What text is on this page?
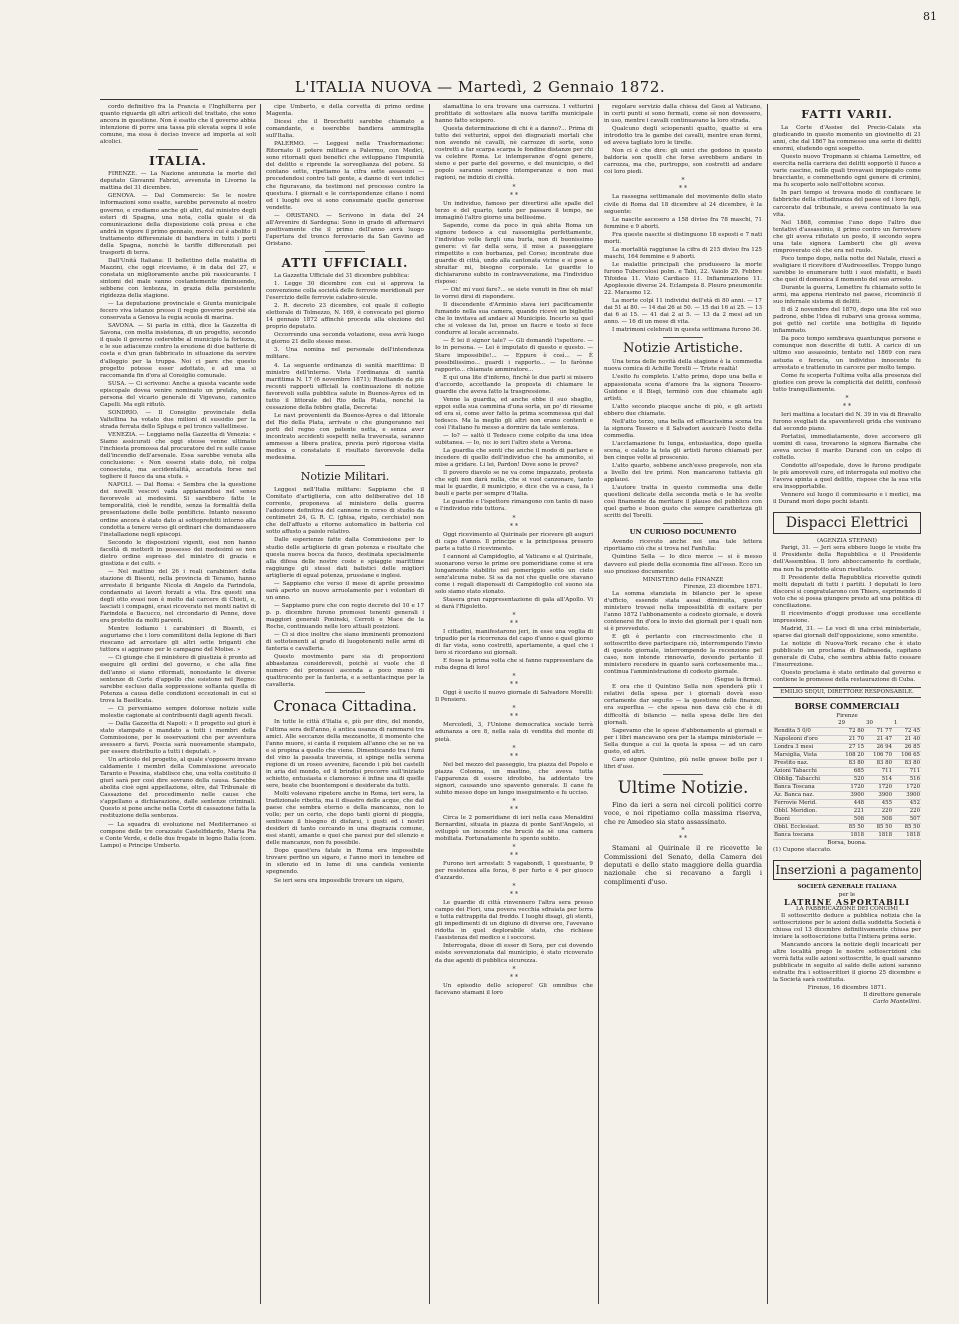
81
L'ITALIA NUOVA — Martedì, 2 Gennaio 1872.

cordo definitivo fra la Francia e l'Inghilterra per quanto riguarda gli altri articoli del trattato, che sono ancora in questione. Non è esatto che il governo abbia intenzione di porre una tassa più elevata sopra il sole comune, ma essa è deciso invece ad imporla ai soli alcolici.

ITALIA.

FIRENZE. — La Nazione annunzia la morte del deputato Giovanni Fabrizi, avvenuta in Livorno la mattina del 31 dicembre.

GENOVA. — Dal Commercio: Se le nostre informazioni sono esatte, sarebbe pervenuto al nostro governo, e crediamo anche gli altri, dal ministro degli esteri di Spagna, una nota, colla quale si dà comunicazione della disposizione colà presa e che andrà in vigore il primo gennaio, mercè cui è abolito il trattamento differenziale di bandiera in tutti i porti della Spagna, nonchè le tariffe differenziali pei trasporti di terra.

Dall'Unità Italiana: Il bollettino della malattia di Mazzini, che oggi riceviamo, è in data del 27, e constata un miglioramento anche più rassicurante. I sintomi del male vanno costantemente diminuendo, sebbene con lentezza, in grazia della persistente rigidezza della stagione.

— La deputazione provinciale e Giunta municipale fecero viva istanze presso il regio governo perchè sia conservata a Genova la regia scuola di marina.

SAVONA. — Si parla in città, dice la Gazzetta di Savona, con molta insistenza, di un progetto, secondo il quale il governo cederebbe al municipio la fortezza, e le sue adiacenze contro la erezione di due batterie di costa e d'un gran fabbricato in situazione da servire d'alloggio per la truppa. Noi ci pare che questo progetto potesse esser adottato, e ad una si raccomanda fin d'ora al Consiglio comunale.

SUSA. — Ci scrivono: Anche a questa vacante sede episcopale dovea venire nominato un prelato, nella persona del vicario generale di Vigevano, canonico Capelli. Ma egli rifiutò.

SONDRIO. — Il Consiglio provinciale della Valtellina ha votato due milioni di sussidio per la strada ferrata dello Spluga e pel tronco valtellinese.

VENEZIA. — Leggiamo nella Gazzetta di Venezia: « Siamo assicurati che oggi stesse venne ultimato l'inchiesta promossa dal procuratore del re sulle cause dell'incendio dell'arsenale. Essa sarebbe venuta alla conclusione: « Non essersi stato dolo, nè colpa conosciuta, ma accidentalità, accaduta forse nel togliere il fuoco da una stufa. »

NAPOLI. — Dal Roma: « Sembra che la questione dei novelli vescovi vada appianandosi nel senso favorevole ai medesimi. Si sarebbero fatte le temporalità, cioè le rendite, senza la formalità della presentazione delle bolle pontificie. Intanto nessuno ordine ancora è stato dato ai sottoprefetti intorno alla condotta a tenere verso gli ordinari che domandassero l'installazione negli episcopi.

Secondo le disposizioni vigenti, essi non hanno facoltà di metterli in possesso dei medesimi se non dietro ordine espresso del ministro di grazia e giustizia e dei culti. »

— Nel mattino del 26 i reali carabinieri della stazione di Bisenti, nella provincia di Teramo, hanno arrestato il brigante Nicola di Angelo da Farindola, condannato ai lavori forzati a vita. Era questi una degli otto evasi non è molto dal carcere di Chieti, e, lasciati i compagni, erasi ricoverato nei monti nativi di Farindola e Bacucco, nel circondario di Penne, dove era protetto da molti parenti.

Mentre lodiamo i carabinieri di Bisenti, ci auguriamo che i loro commilitoni della legione di Bari riescano ad arrestare gli altri sette briganti che tuttora si aggirano per le campagne del Molise. »

— Ci giunge che il ministero di giustizia è pronto ad eseguire gli ordini del governo, e che alla fine dell'anno si siano riformati, nonostante le diverse sentenze di Corte d'appello che esistono nel Regno: sarebbe escluso dalla soppressione soltanta quella di Potenza a causa delle condizioni eccezionali in cui si trova la Basilicata.

— Ci perveniamo sempre dolorose notizie sulle molestie cagionate ai contribuenti dagli agenti fiscali.

— Dalla Gazzetta di Napoli: « Il progetto sul giurì è stato stampato e mandato a tutti i membri della Commissione, per le osservazioni che per avventura avessero a farvi. Poscia sarà nuovamente stampato, per essere distribuito a tutti i deputati. »

Un articolo del progetto, al quale s'opposero invano caldamente i membri della Commissione avvocato Taranto e Pessina, stabilisce che, una volta costituito il giurì sarà per così dire sovrano della causa. Sarebbe abolita cioè ogni appellazione, oltre, dal Tribunale di Cassazione del procedimento nelle cause che s'appellano a dichiarazione, dalle sentenze criminali. Questo si pone anche nella Corte di cassazione fatta la restituzione della sentenza.

— La squadra di evoluzione nel Mediterraneo si compone delle tre corazzate Castelfidardo, Maria Pia e Conte Verde, e delle due fregate in legno Italia (com. Lampo) e Principe Umberto.

cipe Umberto, e della corvetta di primo ordine Magenta.

Dicesi che il Brocchetti sarebbe chiamato a comandante, e isserebbe bandiera ammiraglia sull'Italia.

PALERMO. — Leggesi nella Trasformazione: Ritornato il potere militare a Palermo, con Medici, sono ritornati quei benefici che sviluppano l'impunità del delitto e riprende la sorveglianza del potere. Si contano sette, ripetiamo la cifra sette assassini — precedendosi contro tali gente, a danno di veri infelici che figuravano, da testimoni nel processo contro la questura. I giornali e le corrispondenze citano i nomi ed i luoghi ove si sono consumate quelle generose vendette.

— ORISTANO. — Scrivono in data del 24 all'Avvenire di Sardegna: Sono in grado di affermarvi positivamente che il primo dell'anno avrà luogo l'apertura del tronco ferroviario da San Gavino ad Oristano.

ATTI UFFICIALI.

La Gazzetta Ufficiale del 31 dicembre pubblica:

1. Legge 30 dicembre con cui si approva la convenzione colla società delle ferrovie meridionali per l'esercizio delle ferrovie calabro-sicule.

2. R. decreto 23 dicembre, col quale il collegio elettorale di Tolmezzo, N. 169, è convocato pel giorno 14 gennaio 1872 affinchè proceda alla elezione del proprio deputato.

Occorrendo una seconda votazione, essa avrà luogo il giorno 21 dello stesso mese.

3. Una nomina nel personale dell'intendenza militare.

4. La seguente ordinanza di sanità marittima: Il ministro dell'interno. Vista l'ordinanza di sanità marittima N. 17 (6 novembre 1871); Risultando da più recenti rapporti ufficiali la continuazione di notizie favorevoli sulla pubblica salute in Buenos-Ayres ed in tutto il littorale del Rio della Plata, nonché la cessazione della febbre gialla, Decreta:

Le navi provenienti da Buenos-Ayres e dal littorale del Rio della Plata, arrivate o che giungeranno nei porti del regno con patente netta, e senza aver incontrato accidenti sospetti nella traversata, saranno ammesse a libera pratica, previa però rigorosa visita medica e constatato il risultato favorevole della medesima.

Notizie Militari.

Leggesi nell'Italia militare: Sappiamo che il Comitato d'artiglieria, con atto deliberativo del 18 corrente, proponeva al ministero della guerra l'adozione definitiva del cannone in corso di studio da centimetri 24, G. R. C. (ghisa, rigato, cerchiato) non che dell'affusto a ritorno automatico in batteria col sotto affusto a paiolo relativo.

Dalle esperienze fatte dalla Commissione per lo studio delle artiglierie di gran potenza e risultate che questa nuova bocca da fuoco, destinata specialmente alla difesa delle nostre coste e spiaggie marittime raggiunge gli stessi dati balistici delle migliori artiglierie di egual potenza, prussiane e inglesi.

— Sappiamo che verso il mese di aprile prossimo sarà aperto un nuovo arruolamento per i volontari di un anno.

— Sappiamo pure che con regio decreto del 10 e 17 p. p. dicembre furono promossi tenenti generali i maggiori generali Poninski, Cerroti e Mace de la Roche, continuando nelle loro attuali posizioni.

— Ci si dice inoltre che siano imminenti promozioni di sottotenenti al grado di luogotenenti nelle armi di fanteria e cavalleria.

Questo movimento pare sia di proporzioni abbastanza considerevoli, poichè si vuole che il numero dei promossi ascenda a poco meno di quattrocento per la fanteria, e a settantacinque per la cavalleria.

Cronaca Cittadina.

In tutte le città d'Italia e, più per dire, del mondo, l'ultima sera dell'anno, è antica usanza di rammarsi tra amici. Alle seccanze della mezzanotte, il momento che l'anno muore, si canta il requiem all'anno che se ne va e si propina a quello che viene. Dimenticando tra i fumi del vino la passata traversia, si spinge nella serena regione di un roseo avvenire, facendo i più bei castelli in aria del mondo, ed il brindisi precorre sull'iniziato schietto, entusiasta e clamoroso: è infine una di quelle sere, beate che buontemponi e desiderate da tutti.

Molti volevano ripetere anche in Roma, ieri sera, la tradizionale ribotta, ma il disastro delle acque, che dal paese che sembra eterno e della mancanza, non lo volle; per un certo, che dopo tanti giorni di pioggia, sentivano il bisogno di disfarsi, i gusti ed i nostri desideri di tanto cercando in una disgrazia comune, essi stanti, amante e quei che paresi pur del silenzio e delle mancanze, non fu possibile.

Dopo quest'era fatale in Roma era impossibile trovare perfino un sigaro, e l'anno morì in tenebre ed in silenzio ed in lume di una candela veniente spegnendo.

Se ieri sera era impossibile trovare un sigaro,

slamattina lo era trovare una carrozza. I vetturini profittato di sottostare alla nuova tariffa municipale hanno fatto sciopero.

Questa determinazione di chi è a danno?... Prima di tutto dei vetturini, eppoi dei disgraziati mortali che non avendo nè cavalli, nè carrozze di sorte, sono costretti a far scarpa scarpa le fondine distanze per chi va celebre Roma. Le intemperanze d'ogni genere, sieno e per parte del governo, e del municipio, o del popolo saranno sempre intemperanze e non mai ragioni, ne indizio di civiltà.

*
* *

Un individuo, famoso per divertirsi alle spalle del terzo e del quarto, tanto per passare il tempo, ne immaginò l'altro giorno una bellissime.

Sapendo, come da poco in quà abita Roma un signore tedesco a cui rassomiglia perfettamente, l'individuo volle fargli una burla, non di buonissimo genere: vi far della sera, il mise a passeggiare rimpettito e con burbanza, pel Corso; incontrate due guardie di città, undo alla cantonata vicine e si pose a sbraitar mi, bisogno corporale. Le guardie lo dichiararono subito in contravvenzione, ma l'individuo rispose:

— Oh! mi vuoi fare?... se siete venuti in fine oh mia! lo vorrei dirsi di rispondere.

Il discendente d'Arminio stava ieri pacificamente fumando nella sua camera, quando ricevè un biglietto che lo invitava ad andare al Municipio. Incerto su quel che si volesse da lui, prese un fiacre e tosto si fece condurre al locale accennato.

— È lei il signor tale? — Gli domandò l'ispettore. — Io in persona. — Lei è imputato di questo e questo. — Stare impossibile!... — Eppure è così... — È possibilissimo... guardi i rapporto... — Io farònne rapporto... chiamate ammiratore...

E qui una lite d'inferno, finchè le due parti si misero d'accordo, accettando la proposta di chiamare le guardie che aveva fatto la trasgressione.

Venne la guardia, ed anche ebbe il suo sbaglio, eppoi sulla sua cammina d'una sorta, un po' di riesame ed era sì, come aver fatto la prima scommessa qui dal tedesco. Ma la meglio gli altri non erano contenti e così l'italiano fu messo a dormire da tale sentenza.

— Io? — saltò il Tedesco come colpito da una idea subitanea. — Io, no: io ieri l'altro stete a Verona.

La guardia che senti che anche il modo di parlare e incedere di quello dell'individuo che ha ammonito, si mise a gridare. Li lei, Pardon! Dove sono le prove?

Il povero diavolo se ne va come impazzato, protesta che egli non darà nulla, che si vuol canzonare, tanto mai le guardie, il municipio, e dice che va a casa, fa i bauli e parte per sempre d'Italia.

Le guardie e l'ispettore rimangono con tanto di naso e l'individuo ride tuttora.

*
* *

Oggi ricevimento al Quirinale per ricevere gli auguri di capo d'anno. Il principe e la principessa presero parte a tutto il ricevimento.

I cannoni al Campidoglio, al Vaticano e al Quirinale, suonarono verso le prime ore pomeridiane come si era lungamente stabilito nel pomeriggio sotto un cielo senz'alcuna nube. Si sa da noi che quelle ore stavano come i regali dispensati di Campidoglio col suono sia solo siamo stato stonato.

Stasera gran rappresentazione di gala all'Apollo. Vi si darà l'Rigoletto.

*
* *

I cittadini, manifestarono jeri, in esse una voglia di tripudio per la ricorrenza del capo d'anno e quel giorno di far vista, sono costretti, apertamente, a quel che i loro si ricordano sui giornali.

E fosse la prima volta che si fanno rappresentare da ruba degna di loro!

*
* *

Oggi è uscito il nuovo giornale di Salvadore Morelli: Il Pensiero.

*
* *

Mercoledì, 3, l'Unione democratica sociale terrà adunanza a ore 8, nella sala di vendita del monte di pietà.

*
* *

Nel bel mezzo del passeggio, tra piazza del Popolo e piazza Colonna, un mastino, che aveva tutta l'apparenza di essere idrofobo, ha addentato tre signori, causando uno spavento generale. Il cane fu subito messo dopo un lungo inseguimento e fu ucciso.

*
* *

Circa le 2 pomeridiane di ieri nella casa Menaldini Bernardini, situata in piazza di ponte Sant'Angelo, si sviluppò un incendio che bruciò da sè una camera mobiliata. Fortunatamente fu spento subito.

*
* *

Furono ieri arrestati: 5 vagabondi, 1 questuante, 9 per resistenza alla forza, 6 per furto e 4 per giuoco d'azzardo.

*
* *

Le guardie di città rinvennero l'altra sera presso campo dei Fiori, una povera vecchia sdraiata per terra e tutta rattrappita dal freddo. I luoghi disagi, gli stenti, gli impedimenti di un digiuno di diverse ore, l'avevano ridotta in quel deplorabile stato, che richiese l'assistenza del medico e i soccorsi.

Interrogata, disse di esser di Sora, per cui dovendo esiste sovvenzionata dal municipio, è stato ricoverato da due agenti di pubblica sicurezza.

*
* *

Un episodio dello sciopero! Gli omnibus che facevano stamani il loro

regolare servizio dalla chiesa del Gesù al Vaticano, in certi punti si sono fermati, come sè non dovessero, in uso, mentre i cavalli continuavano la loro strada.

Qualcuno degli scioperanti quatto, quatto si era introdotto tra le gambe dei cavalli, mentre eran fermi, ed aveva tagliato loro le tirelle.

Non ci è che dire: gli unici che godono in questo baldoria son quelli che forse avrebbero andare in carrozza, ma che, purtroppo, son costretti ad andare coi loro piedi.

*
* *

La rassegna settimanale del movimento dello stato civile di Roma dal 18 dicembre al 24 dicembre, è la seguente:

Le nascite ascesero a 158 diviso fra 78 maschi, 71 femmine e 9 aborti.

Fra queste nascite si distinguono 18 esposti e 7 nati morti.

La mortalità raggiunse la cifra di 215 diviso fra 125 maschi, 164 femmine e 9 aborti.

Le malattie principali che produssero la morte furono Tubercolosi polm. e Tabi, 22. Vaiolo 29. Febbre Tifoidea 11. Vizio Cardiaco 11. Infiammazione 11. Apoplessie diverse 24. Eclampsia 8. Pleuro pneumonite 22. Marasmo 12.

La morte colpì 11 individui dell'età di 80 anni. — 17 dai 51 ai 80. — 14 dai 26 ai 50. — 15 dai 16 ai 25. — 13 dai 6 ai 15. — 41 dai 2 ai 5. — 13 da 2 mesi ad un anno. — 16 di un mese di vita.

I matrimoni celebrati in questa settimana furono 36.

Notizie Artistiche.

Una terza delle novità della stagione è la commedia nuova comica di Achille Torelli — Triste realtà!

L'esito fu completo. L'atto primo, dopo una bella e appassionata scena d'amore fra la signora Tessero-Guidone e il Bisgi, terminò con due chiamate agli artisti.

L'atto secondo piacque anche di più, e gli artisti ebbero due chiamate.

Nell'atto terzo, una bella ed efficacissima scena tra la signora Tessero e il Salvadori assicurò l'esito della commedia.

L'acclamazione fu lunga, entusiastica, dopo quella scena, e calato la tela gli artisti furono chiamati per ben cinque volte al proscenio.

L'atto quarto, sebbene anch'esso pregevole, non sta a livello dei tre primi. Non mancarono tuttavia gli applausi.

L'autore tratta in questo commedia una delle questioni delicate della seconda metà e le ha svolte così finamente da meritare il plauso del pubblico con quel garbo e buon gusto che sempre caratterizza gli scritti del Torelli.

UN CURIOSO DOCUMENTO

Avendo ricevuto anche noi una tale lettera riportiamo ciò che si trova nel Fanfulla:

Quintino Sella — Io dico merce — si è messo davvero sul piede della economia fine all'osso. Ecco un suo prezioso documento:

MINISTERO delle FINANZE
Firenze, 23 dicembre 1871.

La somma stanziata in bilancio per le spese d'ufficio, essendo stata assai diminuita, questo ministero trovasi nella impossibilità di esitare per l'anno 1872 l'abbonamento a codesto giornale, e dovrà contenersi fin d'ora lo invio dei giornali per i quali non si è provveduto.

E gli è pertanto con rincrescimento che il sottoscritto deve partecipare ciò, interrompendo l'invio di questo giornale, interrompendo la recenzione pel caso, non intende rinnovarlo, dovendo pertanto il ministero recedere in quanto sarà cortesemente ma... continua l'amministrazione di codesto giornale.

(Segue la firma).

E ora che il Quintino Sella non spenderà più i relativi della spesa per i giornali dovrà esso certamente dar seguito — la questione delle finanze, era superflua — che spesa non dava ciò che è di difficoltà di bilancio — nella spesa delle lire dei giornali.

Sapevamo che le spese d'abbonamento ai giornali e per i libri mancavano ora per la stampa ministeriale — Sella dunque a cui la quota la spesa — ad un caro gusto, ed altri.

Caro signor Quintino, più nelle grasse bolle per i libri d'uso.

Ultime Notizie.

Fino da ieri a sera nei circoli politici corre voce, e noi ripetiamo colla massima riserva, che re Amedeo sia stato assassinato.

*
* *

Stamani al Quirinale il re ricevette le Commissioni del Senato, della Camera dei deputati e dello stato maggiore della guardia nazionale che si recavano a fargli i complimenti d'uso.

FATTI VARII.

La Corte d'Assise del Precio-Calais sta giudicando in questo momento un giovinetto di 21 anni, che dal 1867 ha commesso una serie di delitti enormi, eludendo ogni sospetto.

Questo nuovo Tropmann si chiama Lemettre, ed esercita nella carriera dei delitti sopportò il fuoco a varie cascine, nelle quali trovavasi impiegato come bracciante, e commettendo ogni genere di crimini, ma fu scoperto solo nell'ottobre scorso.

In pari tempo si trovava modo di confiscare le fabbriche della cittadinanza del paese ed i loro figli, carcerato dal tribunale, e aveva continuato la sua vita.

Nel 1868, commise l'uno dopo l'altro due tentativi d'assassinio, il primo contro un ferroviere che gli aveva rifiutato un posto, il secondo sopra una tale signora Lamberti che gli aveva rimproverato ciò che era nel ruolo.

Poco tempo dopo, nella notte del Natale, riuscì a svaligiare il ricevitore d'Audresselles. Troppo lungo sarebbe lo enumerare tutti i suoi misfatti, e basti che quei di domenica il momento del suo arresto.

Durante la guerra, Lemettre fu chiamato sotto le armi, ma appena rientrato nel paese, ricominciò il suo infernale sistema di delitti.

Il dì 2 novembre del 1870, dopo una lite col suo padrone, ebbe l'idea di rubarvi una grossa somma, poi gettò nel cortile una bottiglia di liquido infiammato.

Da poco tempo sembrava quantunque persone e comunque non descritte di tutti. A carico di un ultimo suo assassinio, tentato nel 1869 con rara astuzia e ferocia, un individuo innocente fu arrestato e trattenuto in carcere per molto tempo.

Come fu scoperta l'ultima volta alla presenza del giudice con prove la complicità dei delitti, confessò tutto tranquillamente.

*
* *

Ieri mattina a locatari del N. 39 in via di Bravallo furono svegliati da spaventevoli grida che venivano dal secondo piano.

Portatisi, immediatamente, dove accorsero gli uomini di casa, trovarono la signora Barnaba che aveva ucciso il marito Durand con un colpo di coltello.

Condotto all'ospedale, dove le furono prodigate le più amorevoli cure, ed interrogata sul motivo che l'aveva spinta a quel delitto, rispose che la sua vita era insopportabile.

Vennero sul luogo il commissario e i medici, ma il Durand morì dopo pochi istanti.

Dispacci Elettrici
(AGENZIA STEFANI)

Parigi, 31. — Jeri sera ebbero luogo le visite fra il Presidente della Repubblica e il Presidente dell'Assemblea. Il loro abboccamento fu cordiale, ma non ha prodotto alcun risultato.

Il Presidente della Repubblica ricevette quindi molti deputati di tutti i partiti. I deputati lo loro discorsi si congratularono con Thiers, esprimendo il voto che si possa giungere presto ad una politica di conciliazione.

Il ricevimento d'oggi produsse una eccellente impressione.

Madrid, 31. — Le voci di una crisi ministeriale, sparse dai giornali dell'opposizione, sono smentite.

Le notizie di Nuova-York recano che è stato pubblicato un proclama di Balmaseda, capitano generale di Cuba, che sembra abbia fatto cessare l'insurrezione.

Questo proclama è stato ordinato dal governo e contiene le promesse della restaurazione di Cuba.

EMILIO SEQUI, DIRETTORE RESPONSABILE.
BORSE COMMERCIALI
Firenze
	29	30	1
Rendita 5 0/0	72 80	71 77	72 45
Napoleoni d'oro	21 70	21 47	21 40
Londra 3 mesi	27 15	26 94	26 85
Marsiglia, Vista	108 20	106 70	106 65
Prestito naz.	83 80	83 80	83 80
Azioni Tabacchi	685	711	711
Obblig. Tabacchi	520	514	516
Banca Toscana	1720	1720	1720
Az. Banca naz.	3900	3900	3900
Ferrovie Merid.	448	455	452
Obbl. Meridion.	221	220	220
Buoni	508	508	507
Obbl. Ecclesiast.	85 50	85 50	85 50
Banca toscana	1818	1818	1818
Borsa, buona.
(1) Cupone staccato.
Inserzioni a pagamento
SOCIETÀ GENERALE ITALIANA
per le
LATRINE ASPORTABILI
LA FABBRICAZIONE DEI CONCIMI

Il sottoscritto deduce a pubblica notizia che la sottoscrizione per le azioni della suddetta Società è chiusa col 13 dicembre definitivamente chiusa per inviare la sottoscrizione tutta l'intiera prima serie.

Mancando ancora la notizie degli incaricati per altre località prego le nostre sottoscrizioni che verrà fatta sulle azioni sottoscritte, le quali saranno pubblicate in seguito al saldo delle azioni saranno estratte fra i sottoscrittori il giorno 25 dicembre e la Società sarà costituita.

Firenze, 16 dicembre 1871.
Il direttore generale
Carlo Mantellini.
